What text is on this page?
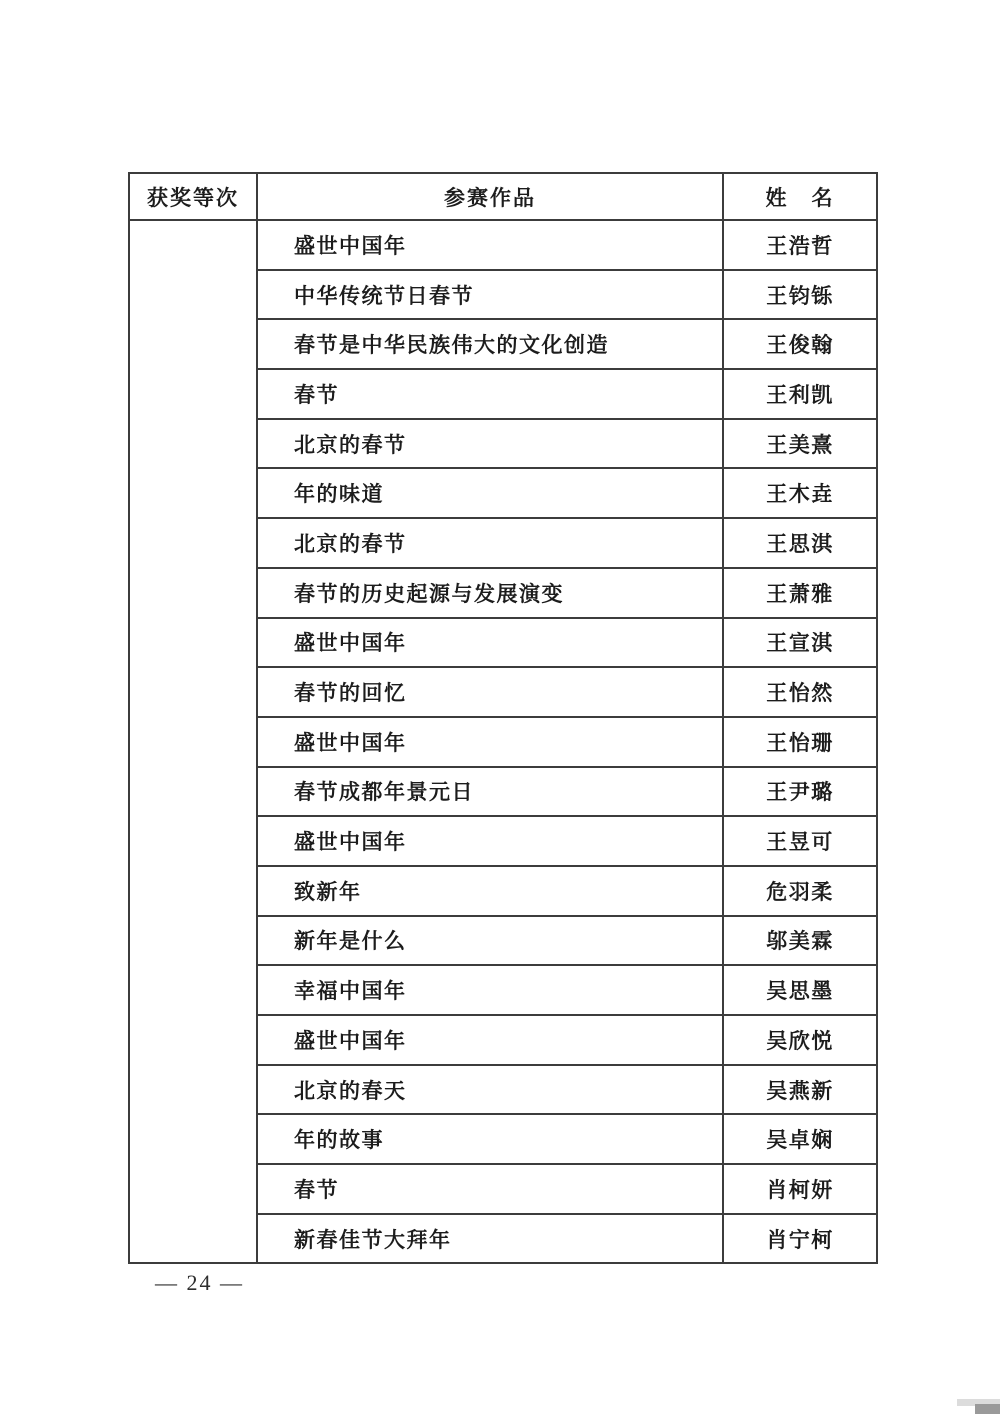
获奖等次	参赛作品	姓　名
	盛世中国年	王浩哲
	中华传统节日春节	王钧铄
	春节是中华民族伟大的文化创造	王俊翰
	春节	王利凯
	北京的春节	王美熹
	年的味道	王木垚
	北京的春节	王思淇
	春节的历史起源与发展演变	王萧雅
	盛世中国年	王宣淇
	春节的回忆	王怡然
	盛世中国年	王怡珊
	春节成都年景元日	王尹璐
	盛世中国年	王昱可
	致新年	危羽柔
	新年是什么	邬美霖
	幸福中国年	吴思墨
	盛世中国年	吴欣悦
	北京的春天	吴燕新
	年的故事	吴卓娴
	春节	肖柯妍
	新春佳节大拜年	肖宁柯
— 24 —
